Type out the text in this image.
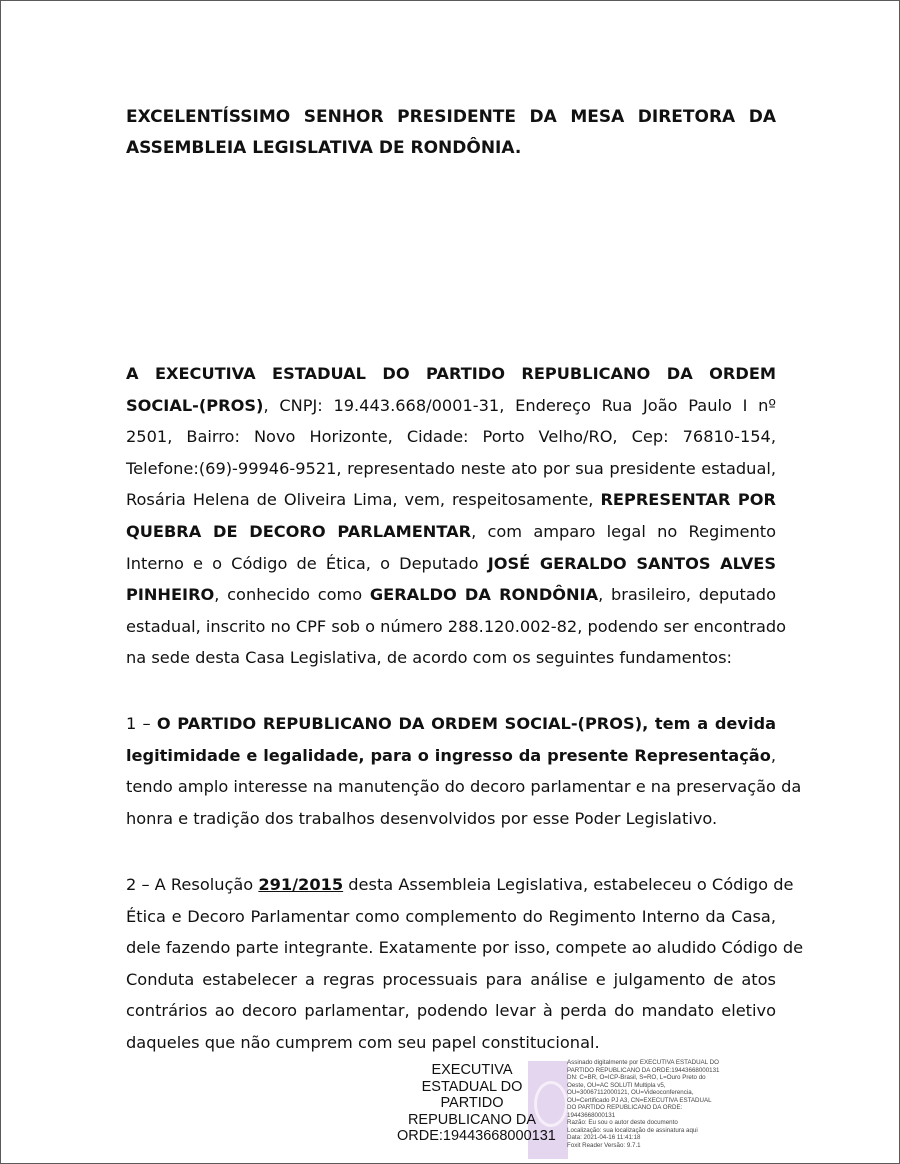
EXCELENTÍSSIMO SENHOR PRESIDENTE DA MESA DIRETORA DA
ASSEMBLEIA LEGISLATIVA DE RONDÔNIA.
A EXECUTIVA ESTADUAL DO PARTIDO REPUBLICANO DA ORDEM
SOCIAL-(PROS), CNPJ: 19.443.668/0001-31, Endereço Rua João Paulo I nº
2501, Bairro: Novo Horizonte, Cidade: Porto Velho/RO, Cep: 76810-154,
Telefone:(69)-99946-9521, representado neste ato por sua presidente estadual,
Rosária Helena de Oliveira Lima, vem, respeitosamente, REPRESENTAR POR
QUEBRA DE DECORO PARLAMENTAR, com amparo legal no Regimento
Interno e o Código de Ética, o Deputado JOSÉ GERALDO SANTOS ALVES
PINHEIRO, conhecido como GERALDO DA RONDÔNIA, brasileiro, deputado
estadual, inscrito no CPF sob o número 288.120.002-82, podendo ser encontrado
na sede desta Casa Legislativa, de acordo com os seguintes fundamentos:
1 – O PARTIDO REPUBLICANO DA ORDEM SOCIAL-(PROS), tem a devida
legitimidade e legalidade, para o ingresso da presente Representação,
tendo amplo interesse na manutenção do decoro parlamentar e na preservação da
honra e tradição dos trabalhos desenvolvidos por esse Poder Legislativo.
2 – A Resolução 291/2015 desta Assembleia Legislativa, estabeleceu o Código de
Ética e Decoro Parlamentar como complemento do Regimento Interno da Casa,
dele fazendo parte integrante. Exatamente por isso, compete ao aludido Código de
Conduta estabelecer a regras processuais para análise e julgamento de atos
contrários ao decoro parlamentar, podendo levar à perda do mandato eletivo
daqueles que não cumprem com seu papel constitucional.
EXECUTIVA
ESTADUAL DO
PARTIDO
REPUBLICANO DA
ORDE:19443668000131
Assinado digitalmente por EXECUTIVA ESTADUAL DO
PARTIDO REPUBLICANO DA ORDE:19443668000131
DN: C=BR, O=ICP-Brasil, S=RO, L=Ouro Preto do
Oeste, OU=AC SOLUTI Multipla v5,
OU=30067112000121, OU=Videoconferencia,
OU=Certificado PJ A3, CN=EXECUTIVA ESTADUAL
DO PARTIDO REPUBLICANO DA ORDE:
19443668000131
Razão: Eu sou o autor deste documento
Localização: sua localização de assinatura aqui
Data: 2021-04-16 11:41:18
Foxit Reader Versão: 9.7.1
